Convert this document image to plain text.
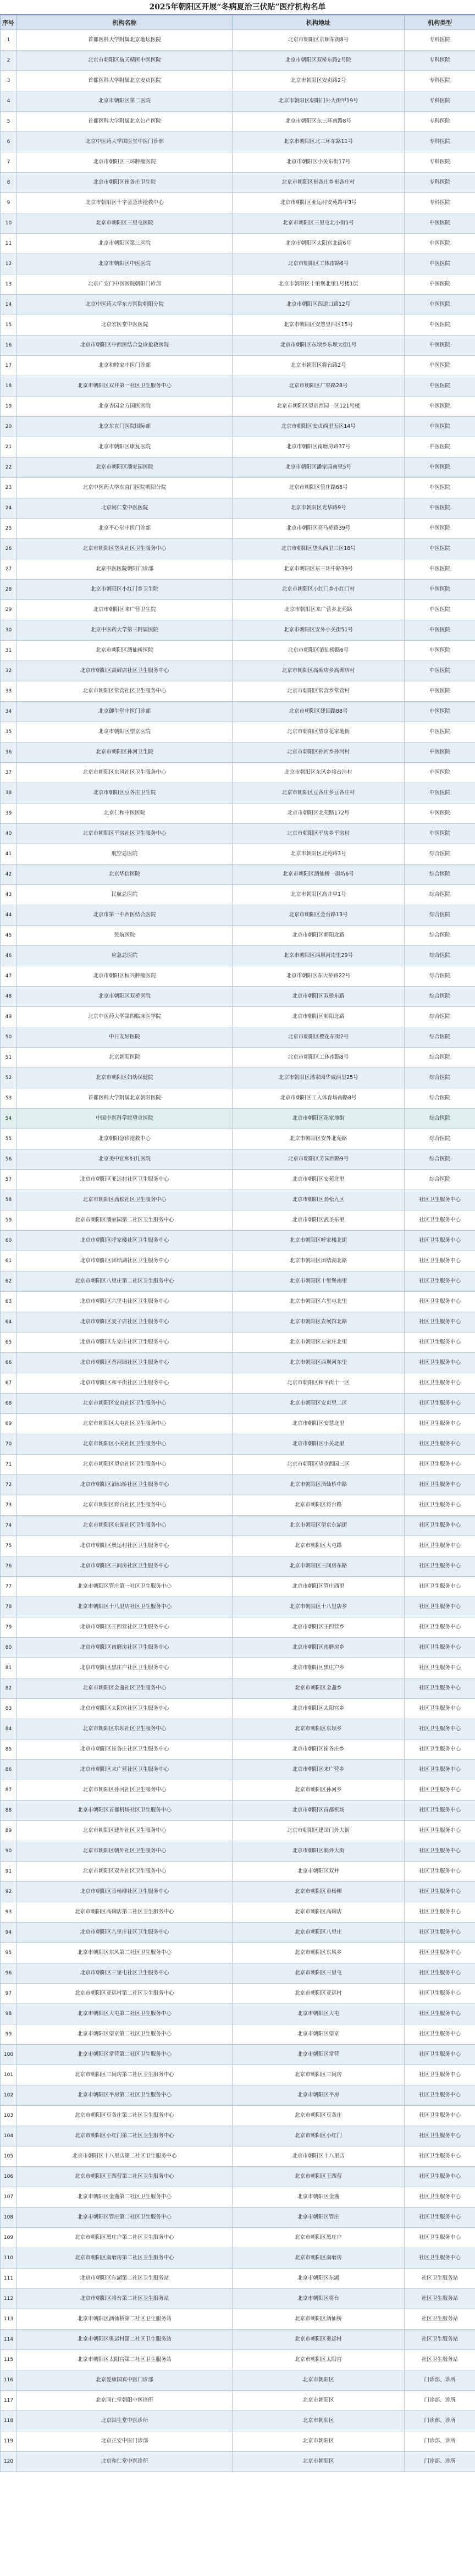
2025年朝阳区开展“冬病夏治三伏贴”医疗机构名单
序号	机构名称	机构地址	机构类型
1	首都医科大学附属北京地坛医院	北京市朝阳区京顺东街8号	专科医院
2	北京市朝阳区航天精医中医医院	北京市朝阳区双桥东路2号院	专科医院
3	首都医科大学附属北京安贞医院	北京市朝阳区安贞路2号	专科医院
4	北京市朝阳区第二医院	北京市朝阳区朝阳门外大街甲19号	专科医院
5	首都医科大学附属北京妇产医院	北京市朝阳区东三环南路8号	专科医院
6	北京中医药大学国医堂中医门诊部	北京市朝阳区北三环东路11号	专科医院
7	北京市朝阳区三环肿瘤医院	北京市朝阳区小关东街17号	专科医院
8	北京市朝阳区崔各庄卫生院	北京市朝阳区崔各庄乡崔各庄村	专科医院
9	北京市朝阳区十字会急诊抢救中心	北京市朝阳区亚运村安苑路甲3号	专科医院
10	北京市朝阳区三里屯医院	北京市朝阳区三里屯北小街1号	中医医院
11	北京市朝阳区第三医院	北京市朝阳区太阳宫北街6号	中医医院
12	北京市朝阳区中医医院	北京市朝阳区工体南路6号	中医医院
13	北京广安门中医医院朝阳门诊部	北京市朝阳区十里堡北里1号楼1层	中医医院
14	北京中医药大学东方医院朝阳分院	北京市朝阳区四道口路12号	中医医院
15	北京宏医堂中医医院	北京市朝阳区安慧里四区15号	中医医院
16	北京市朝阳区中西医结合急诊抢救医院	北京市朝阳区东坝乡东坝大街1号	中医医院
17	北京和睦家中医门诊部	北京市朝阳区将台路2号	中医医院
18	北京市朝阳区双井第一社区卫生服务中心	北京市朝阳区广渠路28号	中医医院
19	北京杏园金方国医医院	北京市朝阳区望京西园一区121号楼	中医医院
20	北京东直门医院国际部	北京市朝阳区安贞西里五区14号	中医医院
21	北京市朝阳区康复医院	北京市朝阳区南磨房路37号	中医医院
22	北京市朝阳区潘家园医院	北京市朝阳区潘家园南里5号	中医医院
23	北京中医药大学东直门医院朝阳分院	北京市朝阳区管庄路66号	中医医院
24	北京同仁堂中医医院	北京市朝阳区光华路9号	中医医院
25	北京平心堂中医门诊部	北京市朝阳区亮马桥路39号	中医医院
26	北京市朝阳区垡头社区卫生服务中心	北京市朝阳区垡头西里三区18号	中医医院
27	北京中医医院朝阳门诊部	北京市朝阳区东三环中路39号	中医医院
28	北京市朝阳区小红门乡卫生院	北京市朝阳区小红门乡小红门村	中医医院
29	北京市朝阳区来广营卫生院	北京市朝阳区来广营乡北苑路	中医医院
30	北京中医药大学第三附属医院	北京市朝阳区安外小关街51号	中医医院
31	北京市朝阳区酒仙桥医院	北京市朝阳区酒仙桥路6号	中医医院
32	北京市朝阳区高碑店社区卫生服务中心	北京市朝阳区高碑店乡高碑店村	中医医院
33	北京市朝阳区常营社区卫生服务中心	北京市朝阳区常营乡常营村	中医医院
34	北京御生堂中医门诊部	北京市朝阳区建国路88号	中医医院
35	北京市朝阳区望京医院	北京市朝阳区望京花家地街	中医医院
36	北京市朝阳区孙河卫生院	北京市朝阳区孙河乡孙河村	中医医院
37	北京市朝阳区东风社区卫生服务中心	北京市朝阳区东风乡将台洼村	中医医院
38	北京市朝阳区豆各庄卫生院	北京市朝阳区豆各庄乡豆各庄村	中医医院
39	北京仁和中医医院	北京市朝阳区北苑路172号	中医医院
40	北京市朝阳区平房社区卫生服务中心	北京市朝阳区平房乡平房村	中医医院
41	航空总医院	北京市朝阳区北苑路3号	综合医院
42	北京华信医院	北京市朝阳区酒仙桥一街坊6号	综合医院
43	民航总医院	北京市朝阳区高井甲1号	综合医院
44	北京市第一中西医结合医院	北京市朝阳区金台路13号	综合医院
45	民航医院	北京市朝阳区朝阳北路	综合医院
46	应急总医院	北京市朝阳区西坝河南里29号	综合医院
47	北京市朝阳区桓兴肿瘤医院	北京市朝阳区东大桥路22号	综合医院
48	北京市朝阳区双桥医院	北京市朝阳区双桥东路	综合医院
49	北京中医药大学第四临床医学院	北京市朝阳区朝阳北路	综合医院
50	中日友好医院	北京市朝阳区樱花东街2号	综合医院
51	北京朝阳医院	北京市朝阳区工体南路8号	综合医院
52	北京市朝阳区妇幼保健院	北京市朝阳区潘家园华威西里25号	综合医院
53	首都医科大学附属北京朝阳医院	北京市朝阳区工人体育场南路8号	综合医院
54	中国中医科学院望京医院	北京市朝阳区花家地街	综合医院
55	北京朝阳急诊抢救中心	北京市朝阳区安外北苑路	综合医院
56	北京美中宜和妇儿医院	北京市朝阳区芳园西路9号	综合医院
57	北京市朝阳区亚运村社区卫生服务中心	北京市朝阳区安苑北里	综合医院
58	北京市朝阳区劲松社区卫生服务中心	北京市朝阳区劲松九区	社区卫生服务中心
59	北京市朝阳区潘家园第二社区卫生服务中心	北京市朝阳区武圣东里	社区卫生服务中心
60	北京市朝阳区呼家楼社区卫生服务中心	北京市朝阳区呼家楼北街	社区卫生服务中心
61	北京市朝阳区团结湖社区卫生服务中心	北京市朝阳区团结湖北路	社区卫生服务中心
62	北京市朝阳区八里庄第二社区卫生服务中心	北京市朝阳区十里堡南里	社区卫生服务中心
63	北京市朝阳区六里屯社区卫生服务中心	北京市朝阳区六里屯北里	社区卫生服务中心
64	北京市朝阳区麦子店社区卫生服务中心	北京市朝阳区农展馆北路	社区卫生服务中心
65	北京市朝阳区左家庄社区卫生服务中心	北京市朝阳区左家庄北里	社区卫生服务中心
66	北京市朝阳区香河园社区卫生服务中心	北京市朝阳区西坝河东里	社区卫生服务中心
67	北京市朝阳区和平街社区卫生服务中心	北京市朝阳区和平街十一区	社区卫生服务中心
68	北京市朝阳区安贞社区卫生服务中心	北京市朝阳区安贞里二区	社区卫生服务中心
69	北京市朝阳区大屯社区卫生服务中心	北京市朝阳区安慧北里	社区卫生服务中心
70	北京市朝阳区小关社区卫生服务中心	北京市朝阳区小关北里	社区卫生服务中心
71	北京市朝阳区望京社区卫生服务中心	北京市朝阳区望京西园三区	社区卫生服务中心
72	北京市朝阳区酒仙桥社区卫生服务中心	北京市朝阳区酒仙桥中路	社区卫生服务中心
73	北京市朝阳区将台社区卫生服务中心	北京市朝阳区将台路	社区卫生服务中心
74	北京市朝阳区东湖社区卫生服务中心	北京市朝阳区望京东湖街	社区卫生服务中心
75	北京市朝阳区奥运村社区卫生服务中心	北京市朝阳区大屯路	社区卫生服务中心
76	北京市朝阳区三间房社区卫生服务中心	北京市朝阳区三间房东路	社区卫生服务中心
77	北京市朝阳区管庄第一社区卫生服务中心	北京市朝阳区管庄西里	社区卫生服务中心
78	北京市朝阳区十八里店社区卫生服务中心	北京市朝阳区十八里店乡	社区卫生服务中心
79	北京市朝阳区王四营社区卫生服务中心	北京市朝阳区王四营乡	社区卫生服务中心
80	北京市朝阳区南磨房社区卫生服务中心	北京市朝阳区南磨房乡	社区卫生服务中心
81	北京市朝阳区黑庄户社区卫生服务中心	北京市朝阳区黑庄户乡	社区卫生服务中心
82	北京市朝阳区金盏社区卫生服务中心	北京市朝阳区金盏乡	社区卫生服务中心
83	北京市朝阳区太阳宫社区卫生服务中心	北京市朝阳区太阳宫乡	社区卫生服务中心
84	北京市朝阳区东坝社区卫生服务中心	北京市朝阳区东坝乡	社区卫生服务中心
85	北京市朝阳区崔各庄社区卫生服务中心	北京市朝阳区崔各庄乡	社区卫生服务中心
86	北京市朝阳区来广营社区卫生服务中心	北京市朝阳区来广营乡	社区卫生服务中心
87	北京市朝阳区孙河社区卫生服务中心	北京市朝阳区孙河乡	社区卫生服务中心
88	北京市朝阳区首都机场社区卫生服务中心	北京市朝阳区首都机场	社区卫生服务中心
89	北京市朝阳区建外社区卫生服务中心	北京市朝阳区建国门外大街	社区卫生服务中心
90	北京市朝阳区朝外社区卫生服务中心	北京市朝阳区朝外大街	社区卫生服务中心
91	北京市朝阳区双井社区卫生服务中心	北京市朝阳区双井	社区卫生服务中心
92	北京市朝阳区垂杨柳社区卫生服务中心	北京市朝阳区垂杨柳	社区卫生服务中心
93	北京市朝阳区高碑店第二社区卫生服务中心	北京市朝阳区高碑店	社区卫生服务中心
94	北京市朝阳区八里庄社区卫生服务中心	北京市朝阳区八里庄	社区卫生服务中心
95	北京市朝阳区东风第二社区卫生服务中心	北京市朝阳区东风乡	社区卫生服务中心
96	北京市朝阳区三里屯社区卫生服务中心	北京市朝阳区三里屯	社区卫生服务中心
97	北京市朝阳区亚运村第二社区卫生服务中心	北京市朝阳区亚运村	社区卫生服务中心
98	北京市朝阳区大屯第二社区卫生服务中心	北京市朝阳区大屯	社区卫生服务中心
99	北京市朝阳区望京第二社区卫生服务中心	北京市朝阳区望京	社区卫生服务中心
100	北京市朝阳区常营第二社区卫生服务中心	北京市朝阳区常营	社区卫生服务中心
101	北京市朝阳区三间房第二社区卫生服务中心	北京市朝阳区三间房	社区卫生服务中心
102	北京市朝阳区平房第二社区卫生服务中心	北京市朝阳区平房	社区卫生服务中心
103	北京市朝阳区豆各庄第二社区卫生服务中心	北京市朝阳区豆各庄	社区卫生服务中心
104	北京市朝阳区小红门第二社区卫生服务中心	北京市朝阳区小红门	社区卫生服务中心
105	北京市朝阳区十八里店第二社区卫生服务中心	北京市朝阳区十八里店	社区卫生服务中心
106	北京市朝阳区王四营第二社区卫生服务中心	北京市朝阳区王四营	社区卫生服务中心
107	北京市朝阳区金盏第二社区卫生服务中心	北京市朝阳区金盏	社区卫生服务中心
108	北京市朝阳区管庄第二社区卫生服务中心	北京市朝阳区管庄	社区卫生服务中心
109	北京市朝阳区黑庄户第二社区卫生服务中心	北京市朝阳区黑庄户	社区卫生服务中心
110	北京市朝阳区南磨房第二社区卫生服务中心	北京市朝阳区南磨房	社区卫生服务中心
111	北京市朝阳区东湖第二社区卫生服务站	北京市朝阳区东湖	社区卫生服务站
112	北京市朝阳区将台第二社区卫生服务站	北京市朝阳区将台	社区卫生服务站
113	北京市朝阳区酒仙桥第二社区卫生服务站	北京市朝阳区酒仙桥	社区卫生服务站
114	北京市朝阳区奥运村第二社区卫生服务站	北京市朝阳区奥运村	社区卫生服务站
115	北京市朝阳区太阳宫第二社区卫生服务站	北京市朝阳区太阳宫	社区卫生服务站
116	北京爱康国宾中医门诊部	北京市朝阳区	门诊部、诊所
117	北京同仁堂朝阳中医诊所	北京市朝阳区	门诊部、诊所
118	北京固生堂中医诊所	北京市朝阳区	门诊部、诊所
119	北京正安中医门诊部	北京市朝阳区	门诊部、诊所
120	北京和仁堂中医诊所	北京市朝阳区	门诊部、诊所
